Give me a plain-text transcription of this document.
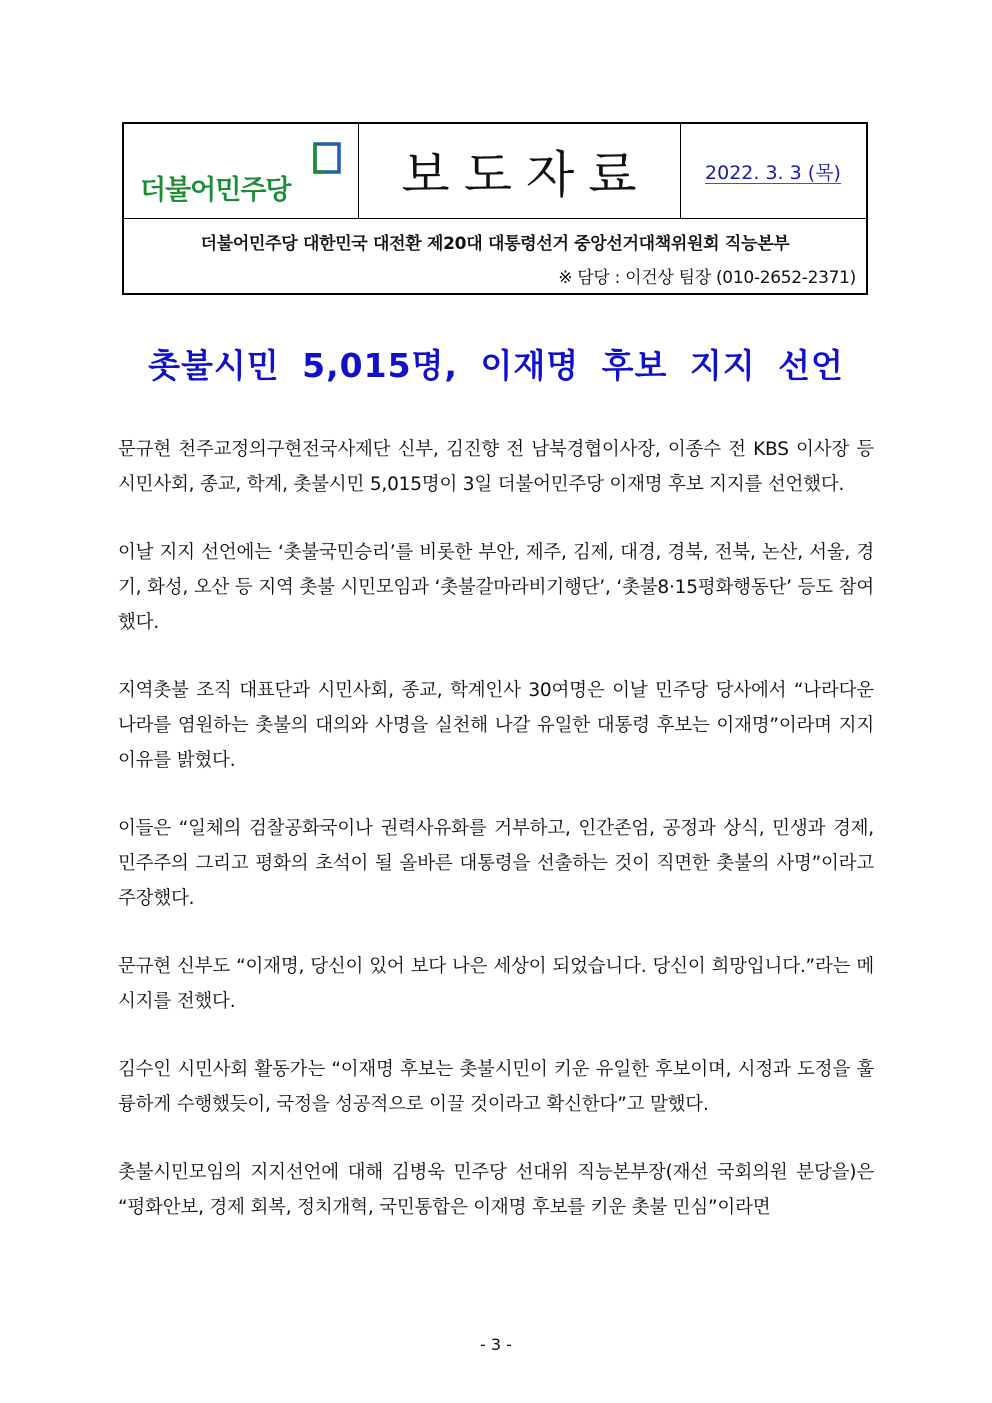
더불어민주당 보도자료	2022. 3. 3 (목)
더불어민주당 대한민국 대전환 제20대 대통령선거 중앙선거대책위원회 직능본부
※ 담당 : 이건상 팀장 (010-2652-2371)
촛불시민 5,015명, 이재명 후보 지지 선언

문규현 천주교정의구현전국사제단 신부, 김진향 전 남북경협이사장, 이종수 전 KBS 이사장 등 시민사회, 종교, 학계, 촛불시민 5,015명이 3일 더불어민주당 이재명 후보 지지를 선언했다.

이날 지지 선언에는 ‘촛불국민승리’를 비롯한 부안, 제주, 김제, 대경, 경북, 전북, 논산, 서울, 경기, 화성, 오산 등 지역 촛불 시민모임과 ‘촛불갈마라비기행단’, ‘촛불8·15평화행동단’ 등도 참여했다.

지역촛불 조직 대표단과 시민사회, 종교, 학계인사 30여명은 이날 민주당 당사에서 “나라다운 나라를 염원하는 촛불의 대의와 사명을 실천해 나갈 유일한 대통령 후보는 이재명”이라며 지지 이유를 밝혔다.

이들은 “일체의 검찰공화국이나 권력사유화를 거부하고, 인간존엄, 공정과 상식, 민생과 경제, 민주주의 그리고 평화의 초석이 될 올바른 대통령을 선출하는 것이 직면한 촛불의 사명”이라고 주장했다.

문규현 신부도 “이재명, 당신이 있어 보다 나은 세상이 되었습니다. 당신이 희망입니다.”라는 메시지를 전했다.

김수인 시민사회 활동가는 “이재명 후보는 촛불시민이 키운 유일한 후보이며, 시정과 도정을 훌륭하게 수행했듯이, 국정을 성공적으로 이끌 것이라고 확신한다”고 말했다.

촛불시민모임의 지지선언에 대해 김병욱 민주당 선대위 직능본부장(재선 국회의원 분당을)은 “평화안보, 경제 회복, 정치개혁, 국민통합은 이재명 후보를 키운 촛불 민심”이라면

- 3 -
